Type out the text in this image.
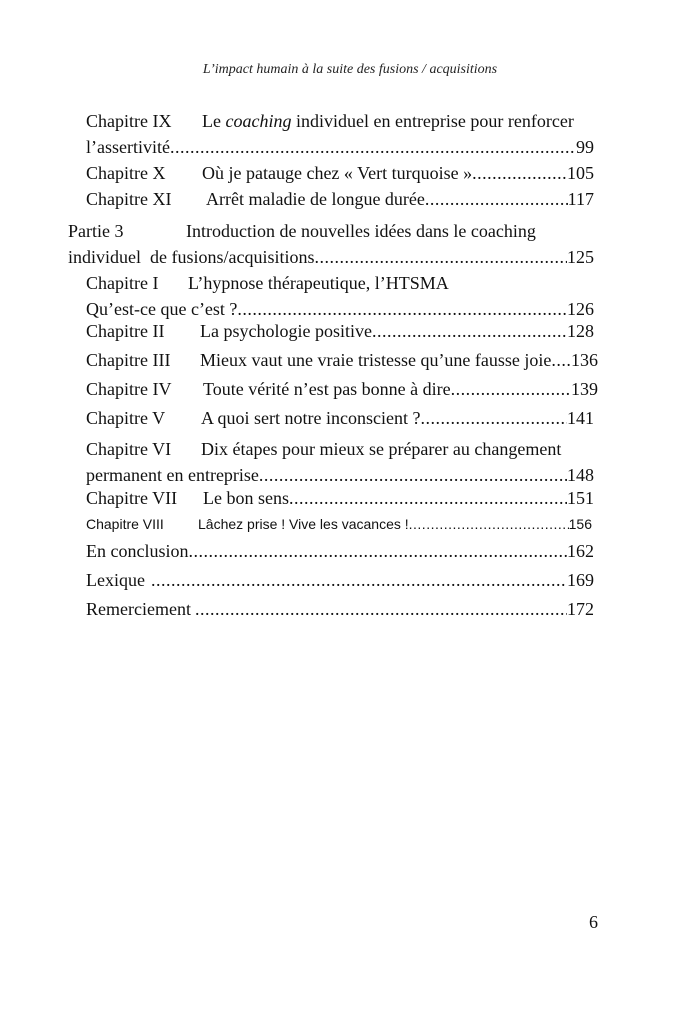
L’impact humain à la suite des fusions / acquisitions
Chapitre IX	Le coaching individuel en entreprise pour renforcer
l’assertivité .....	99
Chapitre X	Où je patauge chez « Vert turquoise » .....	105
Chapitre XI	Arrêt maladie de longue durée .....	117
Partie 3	Introduction de nouvelles idées dans le coaching
individuel  de fusions/acquisitions .....	125
Chapitre I	L’hypnose thérapeutique, l’HTSMA
Qu’est-ce que c’est ? .....	126
Chapitre II	La psychologie positive .....	128
Chapitre III	Mieux vaut une vraie tristesse qu’une fausse joie ..... 136
Chapitre IV	Toute vérité n’est pas bonne à dire .....	139
Chapitre V	A quoi sert notre inconscient ? .....	141
Chapitre VI	Dix étapes pour mieux se préparer au changement
permanent en entreprise .....	148
Chapitre VII	Le bon sens .....	151
Chapitre VIII	Lâchez prise ! Vive les vacances ! .....	156
En conclusion .....	162
Lexique .....	169
Remerciement .....	172
6
